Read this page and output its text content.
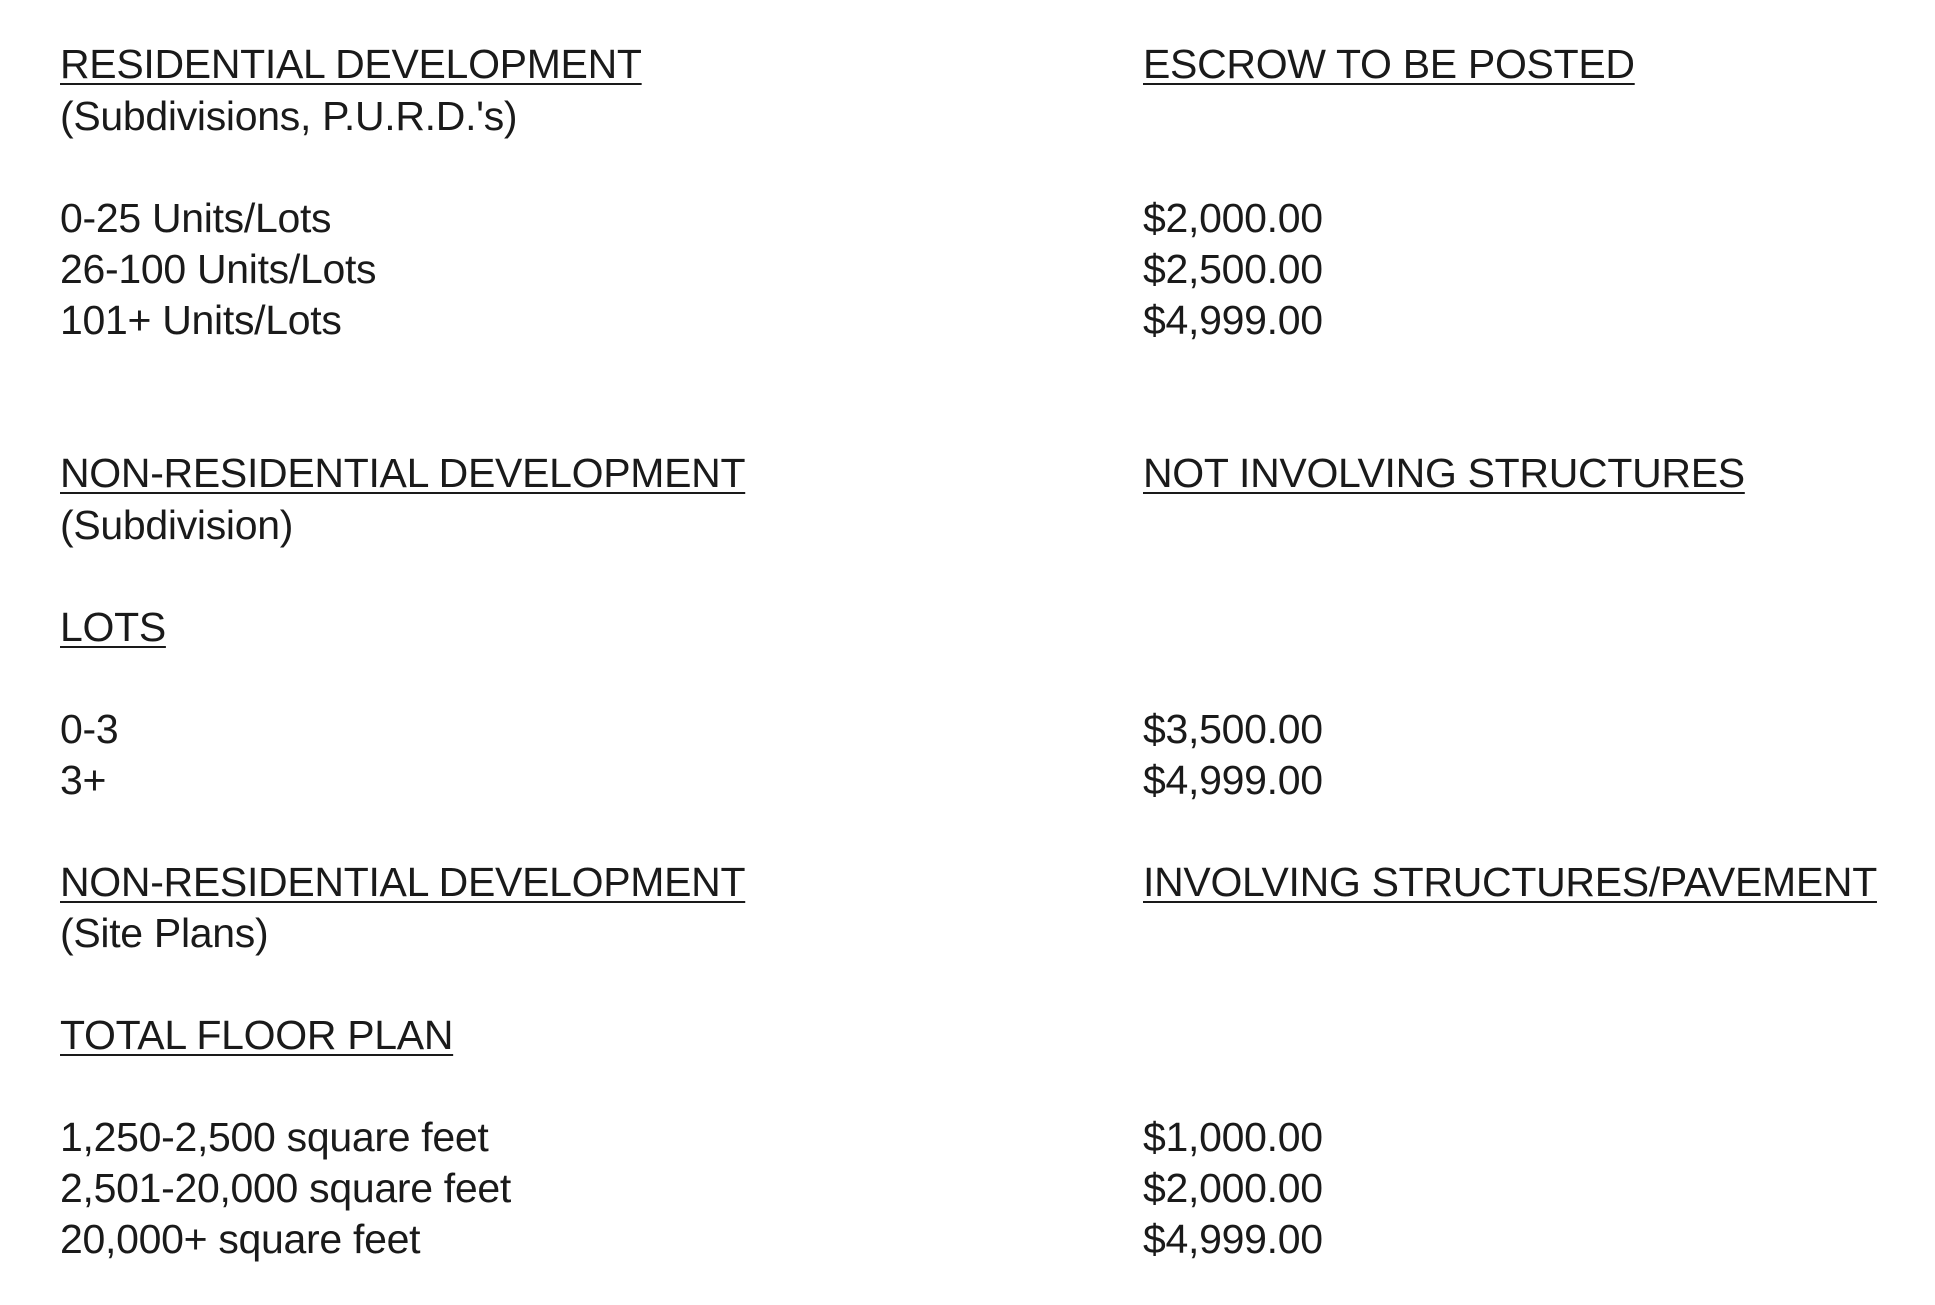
RESIDENTIAL DEVELOPMENT	ESCROW TO BE POSTED
(Subdivisions, P.U.R.D.'s)
0-25 Units/Lots	$2,000.00
26-100 Units/Lots	$2,500.00
101+ Units/Lots	$4,999.00
NON-RESIDENTIAL DEVELOPMENT	NOT INVOLVING STRUCTURES
(Subdivision)
LOTS
0-3	$3,500.00
3+	$4,999.00
NON-RESIDENTIAL DEVELOPMENT	INVOLVING STRUCTURES/PAVEMENT
(Site Plans)
TOTAL FLOOR PLAN
1,250-2,500 square feet	$1,000.00
2,501-20,000 square feet	$2,000.00
20,000+ square feet	$4,999.00
